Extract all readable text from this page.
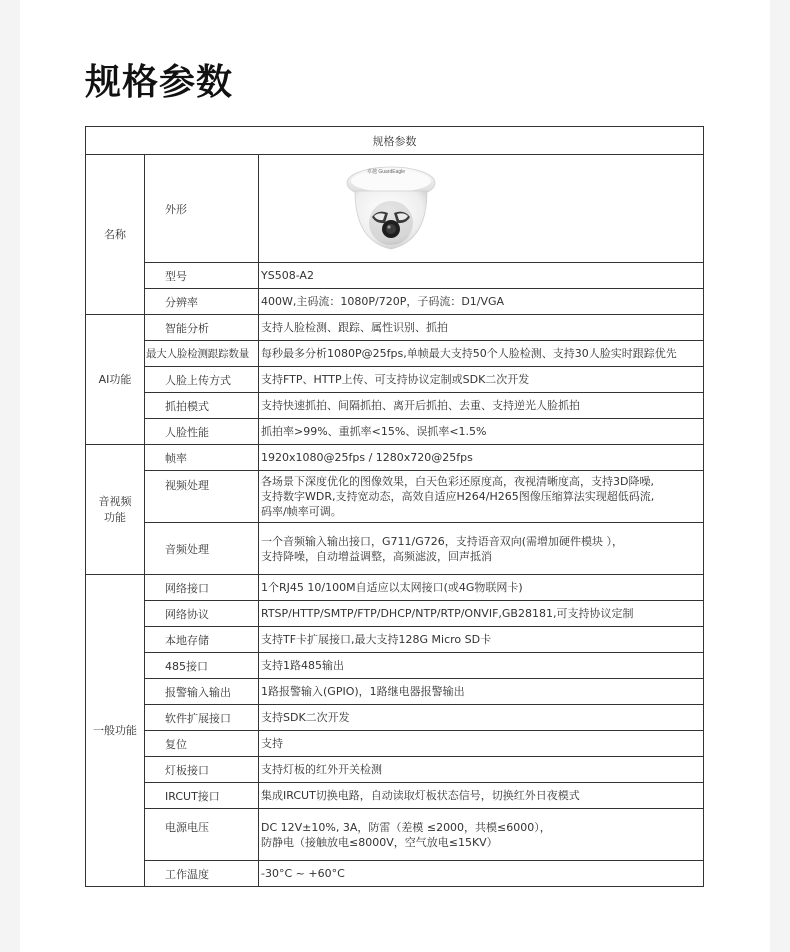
规格参数
规格参数		
名称	外形	卓越 GuardEagle

	型号	YS508-A2
	分辨率	400W,主码流：1080P/720P，子码流：D1/VGA
AI功能	智能分析	支持人脸检测、跟踪、属性识别、抓拍
	最大人脸检测跟踪数量	每秒最多分析1080P@25fps,单帧最大支持50个人脸检测、支持30人脸实时跟踪优先
	人脸上传方式	支持FTP、HTTP上传、可支持协议定制或SDK二次开发
	抓拍模式	支持快速抓拍、间隔抓拍、离开后抓拍、去重、支持逆光人脸抓拍
	人脸性能	抓拍率>99%、重抓率<15%、误抓率<1.5%
音视频
功能	帧率	1920x1080@25fps / 1280x720@25fps
	视频处理	各场景下深度优化的图像效果，白天色彩还原度高，夜视清晰度高，支持3D降噪,
支持数字WDR,支持宽动态，高效自适应H264/H265图像压缩算法实现超低码流,
码率/帧率可调。

	音频处理	一个音频输入输出接口，G711/G726，支持语音双向(需增加硬件模块 ），
支持降噪，自动增益调整，高频滤波，回声抵消

一般功能	网络接口	1个RJ45 10/100M自适应以太网接口(或4G物联网卡)
	网络协议	RTSP/HTTP/SMTP/FTP/DHCP/NTP/RTP/ONVIF,GB28181,可支持协议定制
	本地存储	支持TF卡扩展接口,最大支持128G Micro SD卡
	485接口	支持1路485输出
	报警输入输出	1路报警输入(GPIO)，1路继电器报警输出
	软件扩展接口	支持SDK二次开发
	复位	支持
	灯板接口	支持灯板的红外开关检测
	IRCUT接口	集成IRCUT切换电路，自动读取灯板状态信号，切换红外日夜模式
	电源电压	DC 12V±10%, 3A，防雷（差模 ≤2000，共模≤6000），
防静电（接触放电≤8000V，空气放电≤15KV）

	工作温度	-30°C ~ +60°C
